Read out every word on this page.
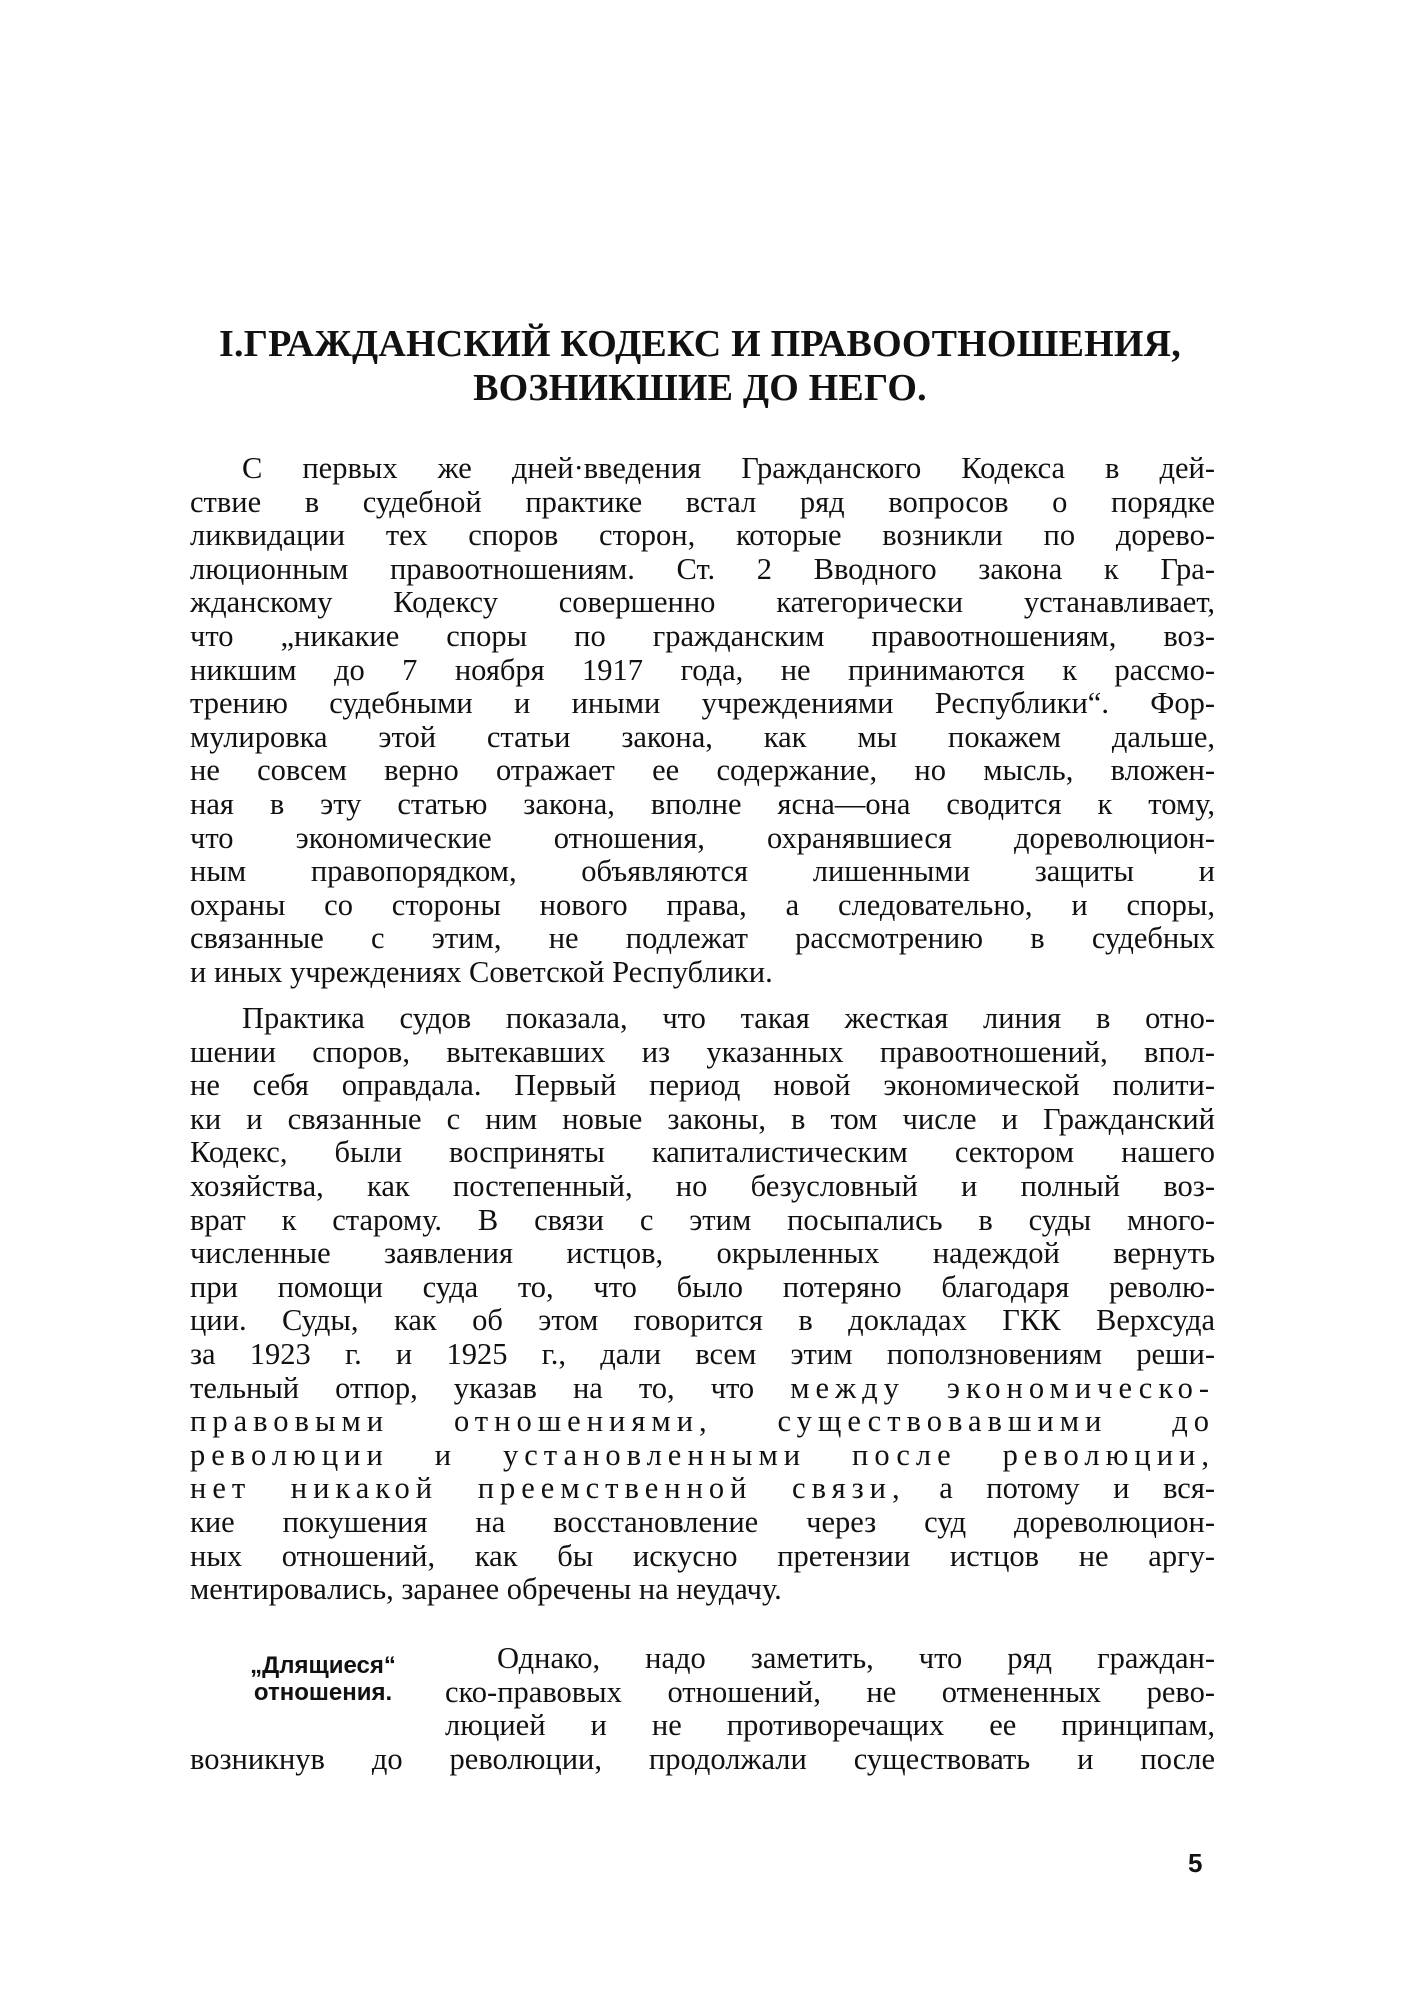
I.ГРАЖДАНСКИЙ КОДЕКС И ПРАВООТНОШЕНИЯ,
ВОЗНИКШИЕ ДО НЕГО.
С первых же дней·введения Гражданского Кодекса в дей-
ствие в судебной практике встал ряд вопросов о порядке
ликвидации тех споров сторон, которые возникли по дорево-
люционным правоотношениям. Ст. 2 Вводного закона к Гра-
жданскому Кодексу совершенно категорически устанавливает,
что „никакие споры по гражданским правоотношениям, воз-
никшим до 7 ноября 1917 года, не принимаются к рассмо-
трению судебными и иными учреждениями Республики“. Фор-
мулировка этой статьи закона, как мы покажем дальше,
не совсем верно отражает ее содержание, но мысль, вложен-
ная в эту статью закона, вполне ясна—она сводится к тому,
что экономические отношения, охранявшиеся дореволюцион-
ным правопорядком, объявляются лишенными защиты и
охраны со стороны нового права, а следовательно, и споры,
связанные с этим, не подлежат рассмотрению в судебных
и иных учреждениях Советской Республики.
Практика судов показала, что такая жесткая линия в отно-
шении споров, вытекавших из указанных правоотношений, впол-
не себя оправдала. Первый период новой экономической полити-
ки и связанные с ним новые законы, в том числе и Гражданский
Кодекс, были восприняты капиталистическим сектором нашего
хозяйства, как постепенный, но безусловный и полный воз-
врат к старому. В связи с этим посыпались в суды много-
численные заявления истцов, окрыленных надеждой вернуть
при помощи суда то, что было потеряно благодаря револю-
ции. Суды, как об этом говорится в докладах ГКК Верхсуда
за 1923 г. и 1925 г., дали всем этим поползновениям реши-
тельный отпор, указав на то, что между экономическо-
правовыми отношениями, существовавшими до
революции и установленными после революции,
нет никакой преемственной связи, а потому и вся-
кие покушения на восстановление через суд дореволюцион-
ных отношений, как бы искусно претензии истцов не аргу-
ментировались, заранее обречены на неудачу.
„Длящиеся“
отношения.
Однако, надо заметить, что ряд граждан-
ско-правовых отношений, не отмененных рево-
люцией и не противоречащих ее принципам,
возникнув до революции, продолжали существовать и после
5
